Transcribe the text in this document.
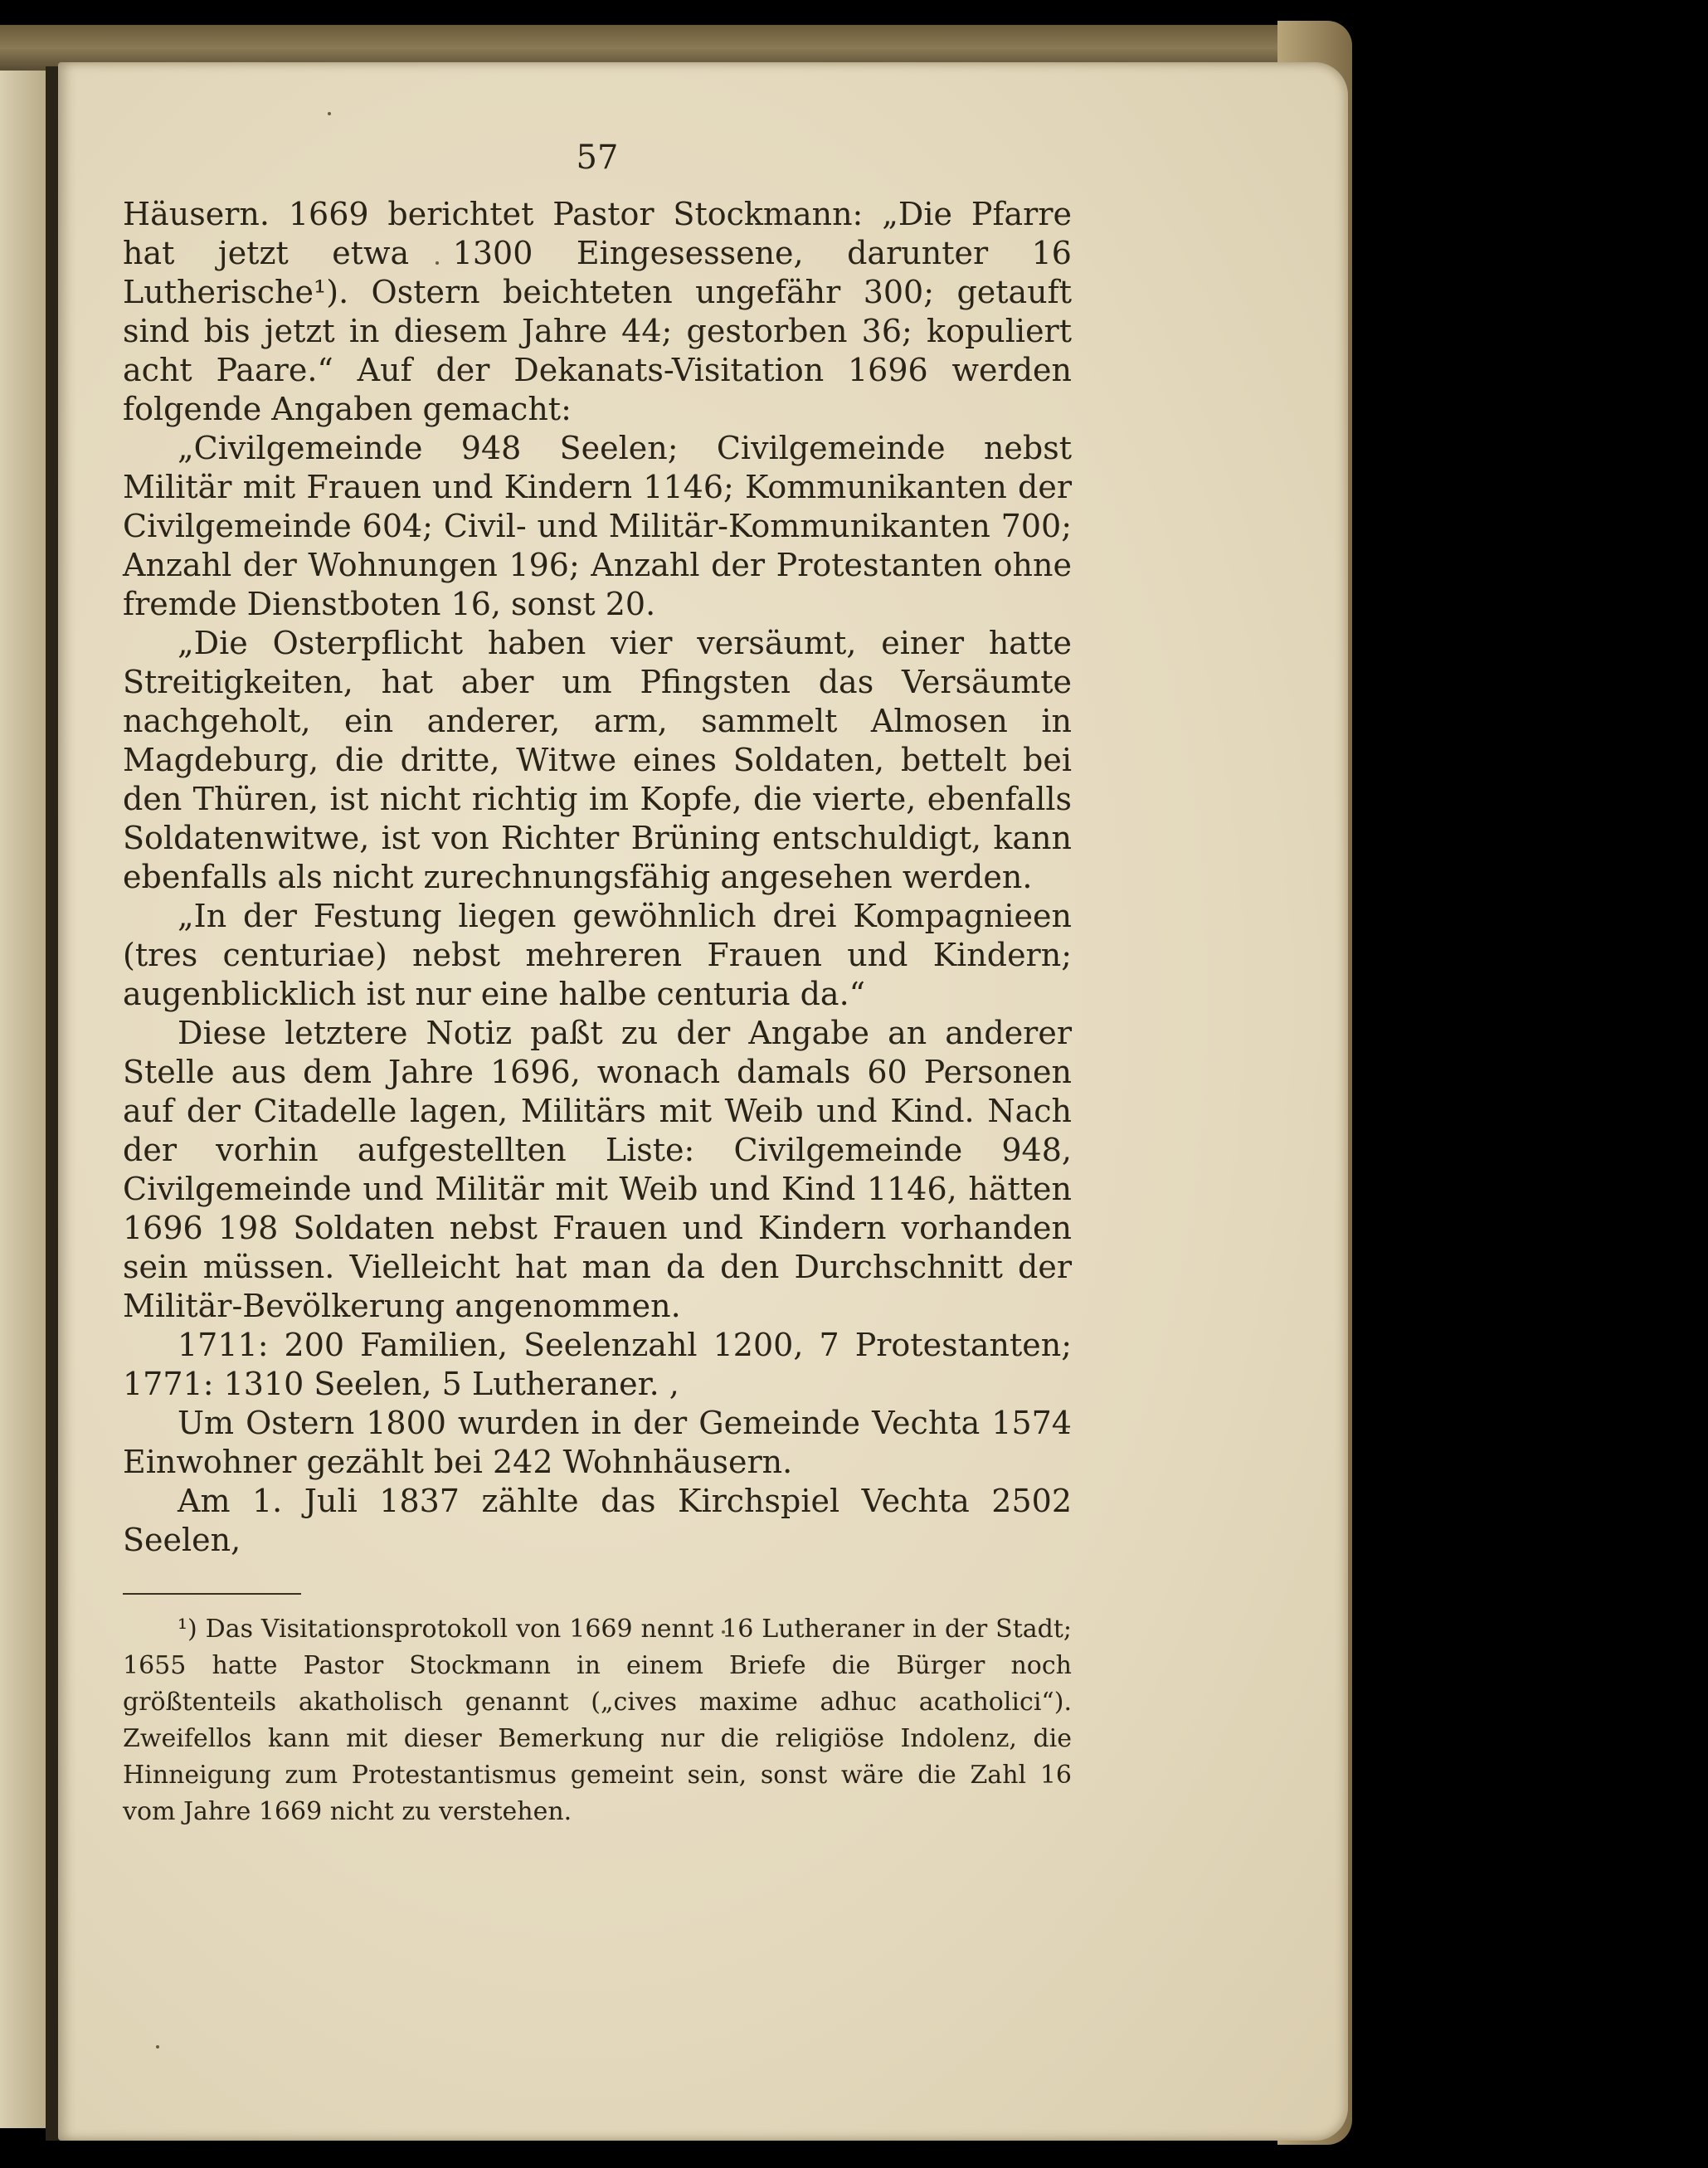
57

Häusern. 1669 berichtet Pastor Stockmann: „Die Pfarre hat jetzt etwa 1300 Eingesessene, darunter 16 Lutherische¹). Ostern beichteten ungefähr 300; getauft sind bis jetzt in diesem Jahre 44; gestorben 36; kopuliert acht Paare.“ Auf der Dekanats-Visitation 1696 werden folgende Angaben gemacht:

„Civilgemeinde 948 Seelen; Civilgemeinde nebst Militär mit Frauen und Kindern 1146; Kommunikanten der Civilgemeinde 604; Civil- und Militär-Kommunikanten 700; Anzahl der Wohnungen 196; Anzahl der Protestanten ohne fremde Dienstboten 16, sonst 20.

„Die Osterpflicht haben vier versäumt, einer hatte Streitigkeiten, hat aber um Pfingsten das Versäumte nachgeholt, ein anderer, arm, sammelt Almosen in Magdeburg, die dritte, Witwe eines Soldaten, bettelt bei den Thüren, ist nicht richtig im Kopfe, die vierte, ebenfalls Soldatenwitwe, ist von Richter Brüning entschuldigt, kann ebenfalls als nicht zurechnungsfähig angesehen werden.

„In der Festung liegen gewöhnlich drei Kompagnieen (tres centuriae) nebst mehreren Frauen und Kindern; augenblicklich ist nur eine halbe centuria da.“

Diese letztere Notiz paßt zu der Angabe an anderer Stelle aus dem Jahre 1696, wonach damals 60 Personen auf der Citadelle lagen, Militärs mit Weib und Kind. Nach der vorhin aufgestellten Liste: Civilgemeinde 948, Civilgemeinde und Militär mit Weib und Kind 1146, hätten 1696 198 Soldaten nebst Frauen und Kindern vorhanden sein müssen. Vielleicht hat man da den Durchschnitt der Militär-Bevölkerung angenommen.

1711: 200 Familien, Seelenzahl 1200, 7 Protestanten; 1771: 1310 Seelen, 5 Lutheraner. ,

Um Ostern 1800 wurden in der Gemeinde Vechta 1574 Einwohner gezählt bei 242 Wohnhäusern.

Am 1. Juli 1837 zählte das Kirchspiel Vechta 2502 Seelen,

¹) Das Visitationsprotokoll von 1669 nennt 16 Lutheraner in der Stadt; 1655 hatte Pastor Stockmann in einem Briefe die Bürger noch größtenteils akatholisch genannt („cives maxime adhuc acatholici“). Zweifellos kann mit dieser Bemerkung nur die religiöse Indolenz, die Hinneigung zum Protestantismus gemeint sein, sonst wäre die Zahl 16 vom Jahre 1669 nicht zu verstehen.
